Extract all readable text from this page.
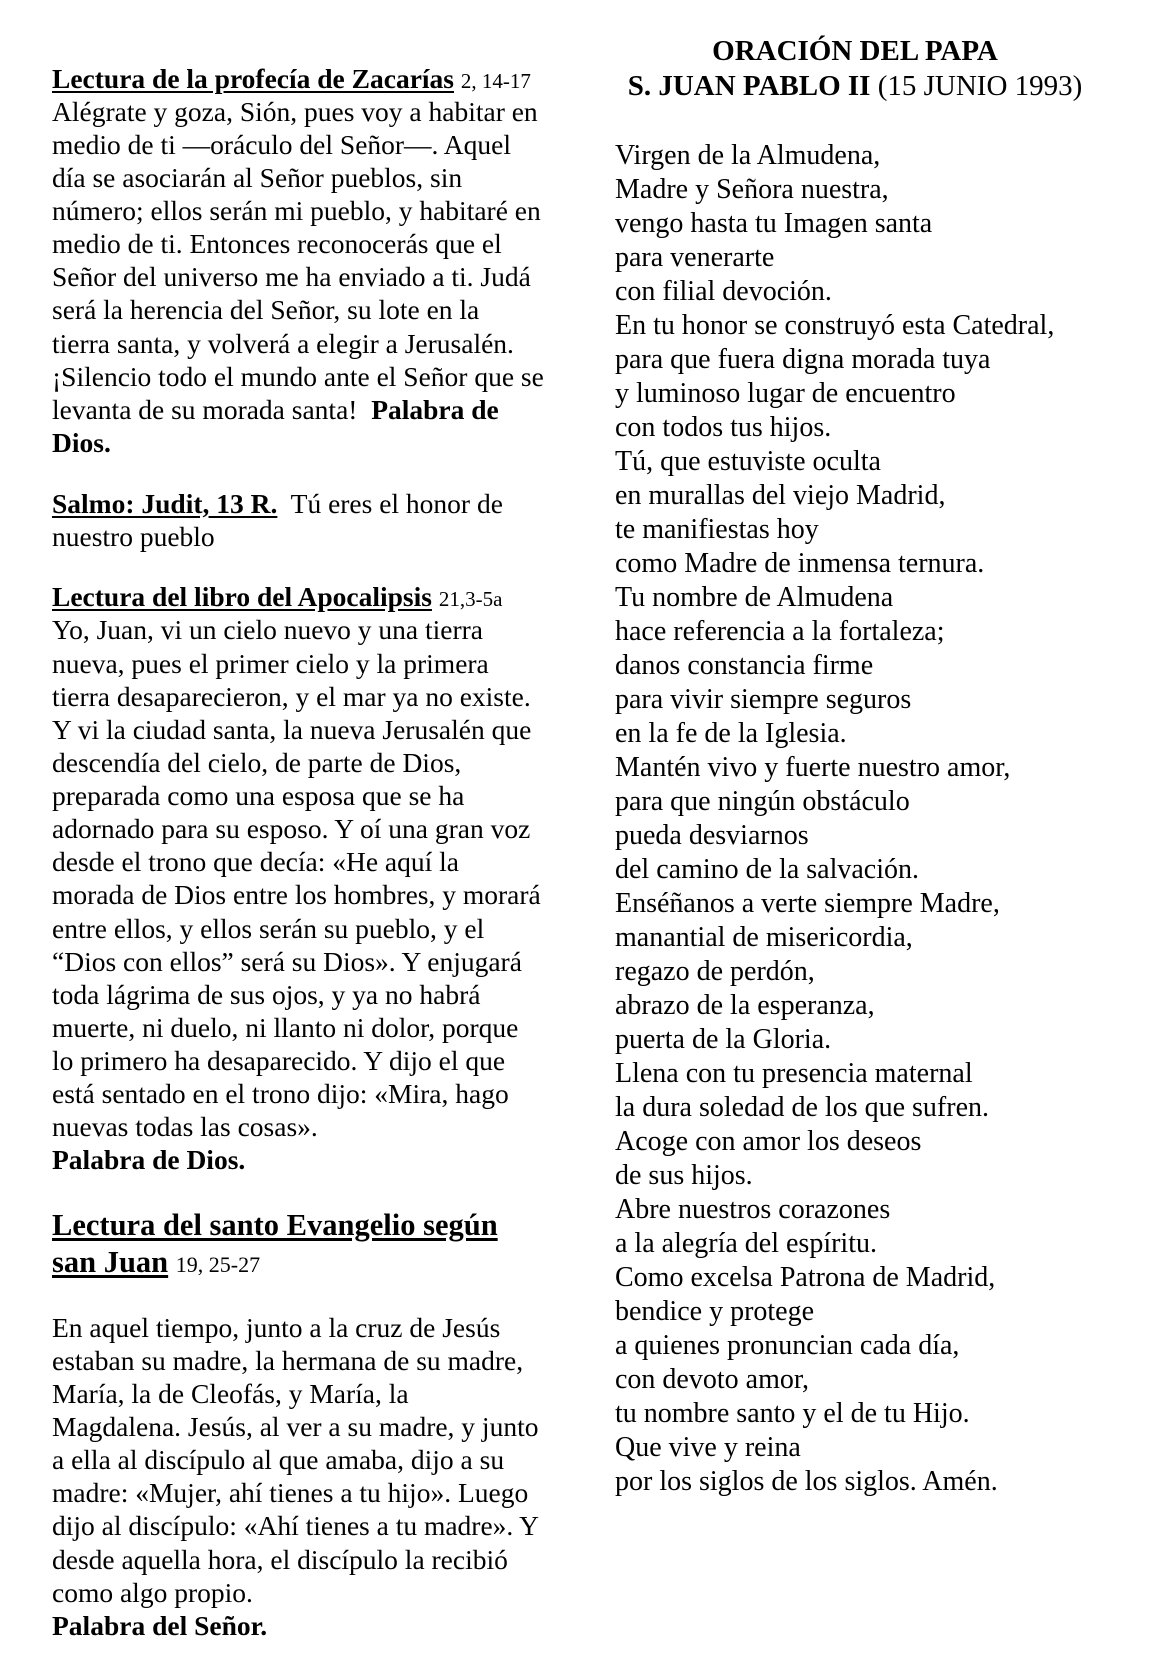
Lectura de la profecía de Zacarías 2, 14-17
Alégrate y goza, Sión, pues voy a habitar en medio de ti —oráculo del Señor—. Aquel día se asociarán al Señor pueblos, sin número; ellos serán mi pueblo, y habitaré en medio de ti. Entonces reconocerás que el Señor del universo me ha enviado a ti. Judá será la herencia del Señor, su lote en la tierra santa, y volverá a elegir a Jerusalén. ¡Silencio todo el mundo ante el Señor que se levanta de su morada santa! Palabra de Dios.

Salmo: Judit, 13 R. Tú eres el honor de nuestro pueblo

Lectura del libro del Apocalipsis 21,3-5a
Yo, Juan, vi un cielo nuevo y una tierra nueva, pues el primer cielo y la primera tierra desaparecieron, y el mar ya no existe. Y vi la ciudad santa, la nueva Jerusalén que descendía del cielo, de parte de Dios, preparada como una esposa que se ha adornado para su esposo. Y oí una gran voz desde el trono que decía: «He aquí la morada de Dios entre los hombres, y morará entre ellos, y ellos serán su pueblo, y el “Dios con ellos” será su Dios». Y enjugará toda lágrima de sus ojos, y ya no habrá muerte, ni duelo, ni llanto ni dolor, porque lo primero ha desaparecido. Y dijo el que está sentado en el trono dijo: «Mira, hago nuevas todas las cosas».
Palabra de Dios.

Lectura del santo Evangelio según
san Juan 19, 25-27

En aquel tiempo, junto a la cruz de Jesús estaban su madre, la hermana de su madre, María, la de Cleofás, y María, la Magdalena. Jesús, al ver a su madre, y junto a ella al discípulo al que amaba, dijo a su madre: «Mujer, ahí tienes a tu hijo». Luego dijo al discípulo: «Ahí tienes a tu madre». Y desde aquella hora, el discípulo la recibió como algo propio.
Palabra del Señor.

ORACIÓN DEL PAPA
S. JUAN PABLO II (15 JUNIO 1993)

Virgen de la Almudena,
Madre y Señora nuestra,
vengo hasta tu Imagen santa
para venerarte
con filial devoción.
En tu honor se construyó esta Catedral,
para que fuera digna morada tuya
y luminoso lugar de encuentro
con todos tus hijos.
Tú, que estuviste oculta
en murallas del viejo Madrid,
te manifiestas hoy
como Madre de inmensa ternura.
Tu nombre de Almudena
hace referencia a la fortaleza;
danos constancia firme
para vivir siempre seguros
en la fe de la Iglesia.
Mantén vivo y fuerte nuestro amor,
para que ningún obstáculo
pueda desviarnos
del camino de la salvación.
Enséñanos a verte siempre Madre,
manantial de misericordia,
regazo de perdón,
abrazo de la esperanza,
puerta de la Gloria.
Llena con tu presencia maternal
la dura soledad de los que sufren.
Acoge con amor los deseos
de sus hijos.
Abre nuestros corazones
a la alegría del espíritu.
Como excelsa Patrona de Madrid,
bendice y protege
a quienes pronuncian cada día,
con devoto amor,
tu nombre santo y el de tu Hijo.
Que vive y reina
por los siglos de los siglos. Amén.
